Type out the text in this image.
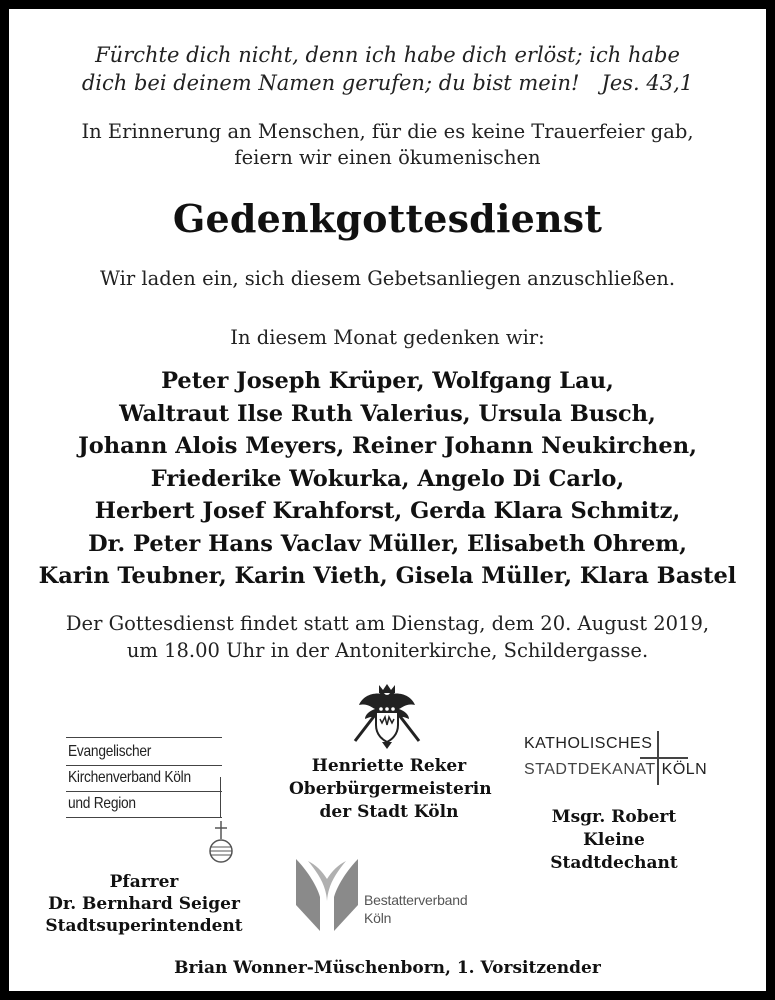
Fürchte dich nicht, denn ich habe dich erlöst; ich habe
dich bei deinem Namen gerufen; du bist mein! Jes. 43,1
In Erinnerung an Menschen, für die es keine Trauerfeier gab,
feiern wir einen ökumenischen
Gedenkgottesdienst
Wir laden ein, sich diesem Gebetsanliegen anzuschließen.
In diesem Monat gedenken wir:
Peter Joseph Krüper, Wolfgang Lau,
Waltraut Ilse Ruth Valerius, Ursula Busch,
Johann Alois Meyers, Reiner Johann Neukirchen,
Friederike Wokurka, Angelo Di Carlo,
Herbert Josef Krahforst, Gerda Klara Schmitz,
Dr. Peter Hans Vaclav Müller, Elisabeth Ohrem,
Karin Teubner, Karin Vieth, Gisela Müller, Klara Bastel
Der Gottesdienst findet statt am Dienstag, dem 20. August 2019,
um 18.00 Uhr in der Antoniterkirche, Schildergasse.
Evangelischer
Kirchenverband Köln
und Region
Pfarrer
Dr. Bernhard Seiger
Stadtsuperintendent
Henriette Reker
Oberbürgermeisterin
der Stadt Köln
KATHOLISCHES
STADTDEKANAT KÖLN
Msgr. Robert Kleine
Stadtdechant
Bestatterverband
Köln
Brian Wonner-Müschenborn, 1. Vorsitzender
